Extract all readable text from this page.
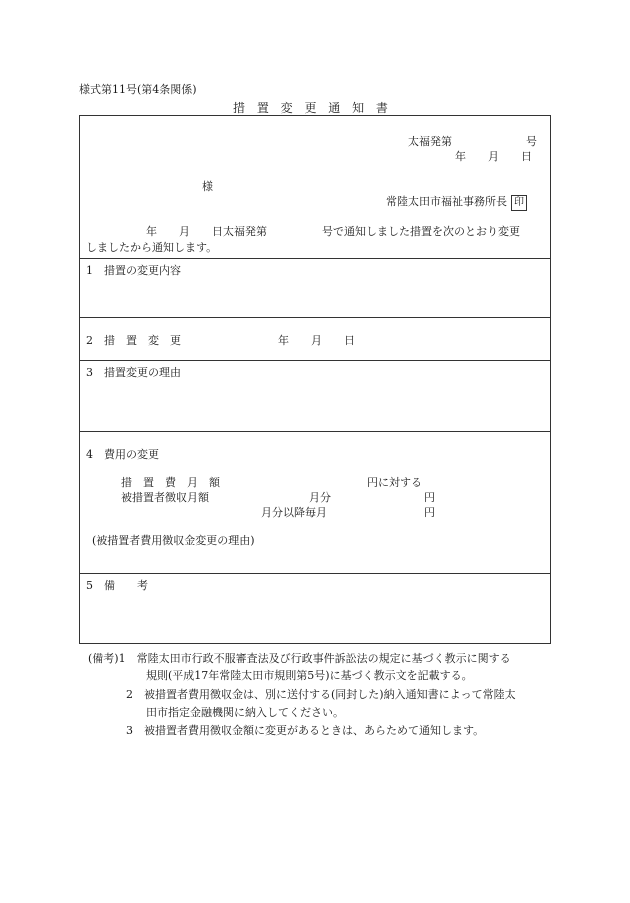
様式第11号(第4条関係)
措 置 変 更 通 知 書
太福発第	号
年　　月　　日
様
常陸太田市福祉事務所長 印
年　　月　　日太福発第　　　　　号で通知しました措置を次のとおり変更
しましたから通知します。
1　措置の変更内容
2　措　置　変　更	年　　月　　日
3　措置変更の理由
4　費用の変更
措　置　費　月　額	円に対する
被措置者徴収月額	月分	円
月分以降毎月	円
(被措置者費用徴収金変更の理由)
5　備　　考
(備考)1　常陸太田市行政不服審査法及び行政事件訴訟法の規定に基づく教示に関する
規則(平成17年常陸太田市規則第5号)に基づく教示文を記載する。
2　被措置者費用徴収金は、別に送付する(同封した)納入通知書によって常陸太
田市指定金融機関に納入してください。
3　被措置者費用徴収金額に変更があるときは、あらためて通知します。
